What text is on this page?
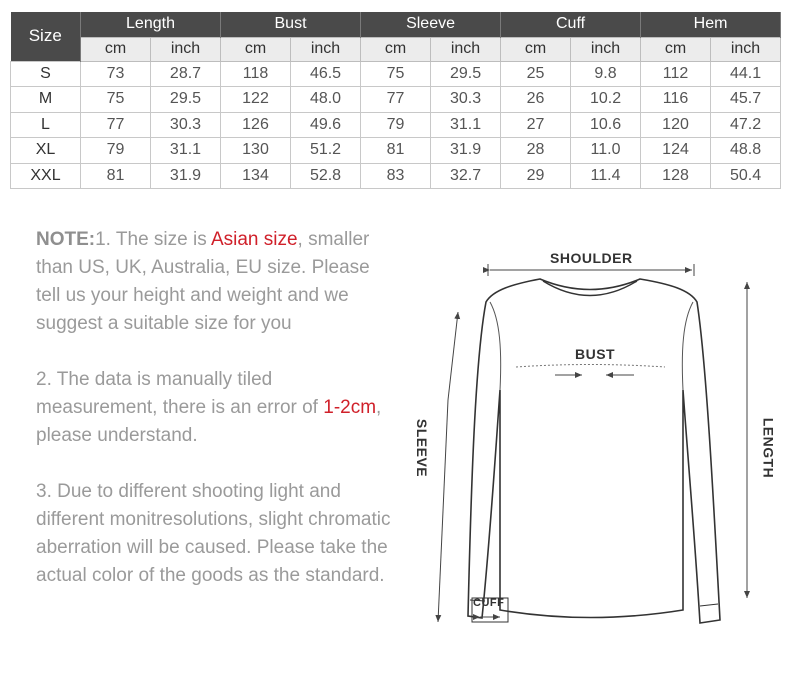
Size	Length		Bust		Sleeve		Cuff		Hem	
	cm	inch	cm	inch	cm	inch	cm	inch	cm	inch
S	73	28.7	118	46.5	75	29.5	25	9.8	112	44.1
M	75	29.5	122	48.0	77	30.3	26	10.2	116	45.7
L	77	30.3	126	49.6	79	31.1	27	10.6	120	47.2
XL	79	31.1	130	51.2	81	31.9	28	11.0	124	48.8
XXL	81	31.9	134	52.8	83	32.7	29	11.4	128	50.4

NOTE:1. The size is Asian size, smaller than US, UK, Australia, EU size. Please tell us your height and weight and we suggest a suitable size for you

2. The data is manually tiled measurement, there is an error of 1-2cm, please understand.

3. Due to different shooting light and different monitresolutions, slight chromatic aberration will be caused. Please take the actual color of the goods as the standard.

SHOULDER
BUST
SLEEVE	LENGTH
CUFF
